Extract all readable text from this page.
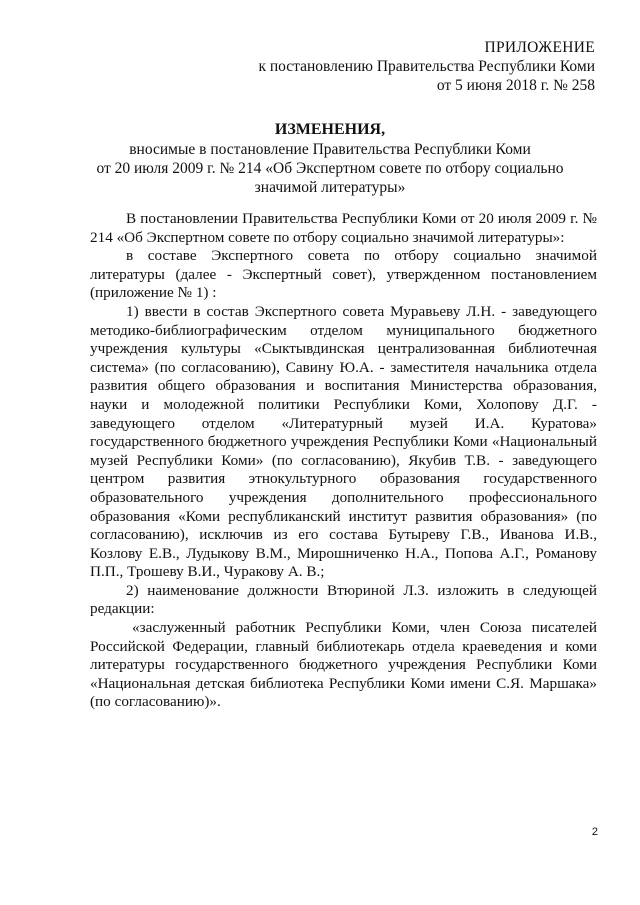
ПРИЛОЖЕНИЕ
к постановлению Правительства Республики Коми
от 5 июня 2018 г. № 258
ИЗМЕНЕНИЯ,
вносимые в постановление Правительства Республики Коми
от 20 июля 2009 г. № 214 «Об Экспертном совете по отбору социально
значимой литературы»

В постановлении Правительства Республики Коми от 20 июля 2009 г. № 214 «Об Экспертном совете по отбору социально значимой литературы»:

в составе Экспертного совета по отбору социально значимой литературы (далее - Экспертный совет), утвержденном постановлением (приложение № 1) :

1) ввести в состав Экспертного совета Муравьеву Л.Н. - заведующего методико-библиографическим отделом муниципального бюджетного учреждения культуры «Сыктывдинская централизованная библиотечная система» (по согласованию), Савину Ю.А. - заместителя начальника отдела развития общего образования и воспитания Министерства образования, науки и молодежной политики Республики Коми, Холопову Д.Г. - заведующего отделом «Литературный музей И.А. Куратова» государственного бюджетного учреждения Республики Коми «Национальный музей Республики Коми» (по согласованию), Якубив Т.В. - заведующего центром развития этнокультурного образования государственного образовательного учреждения дополнительного профессионального образования «Коми республиканский институт развития образования» (по согласованию), исключив из его состава Бутыреву Г.В., Иванова И.В., Козлову Е.В., Лудыкову В.М., Мирошниченко Н.А., Попова А.Г., Романову П.П., Трошеву В.И., Чуракову А. В.;

2) наименование должности Втюриной Л.З. изложить в следующей редакции:

«заслуженный работник Республики Коми, член Союза писателей Российской Федерации, главный библиотекарь отдела краеведения и коми литературы государственного бюджетного учреждения Республики Коми «Национальная детская библиотека Республики Коми имени С.Я. Маршака» (по согласованию)».

2
